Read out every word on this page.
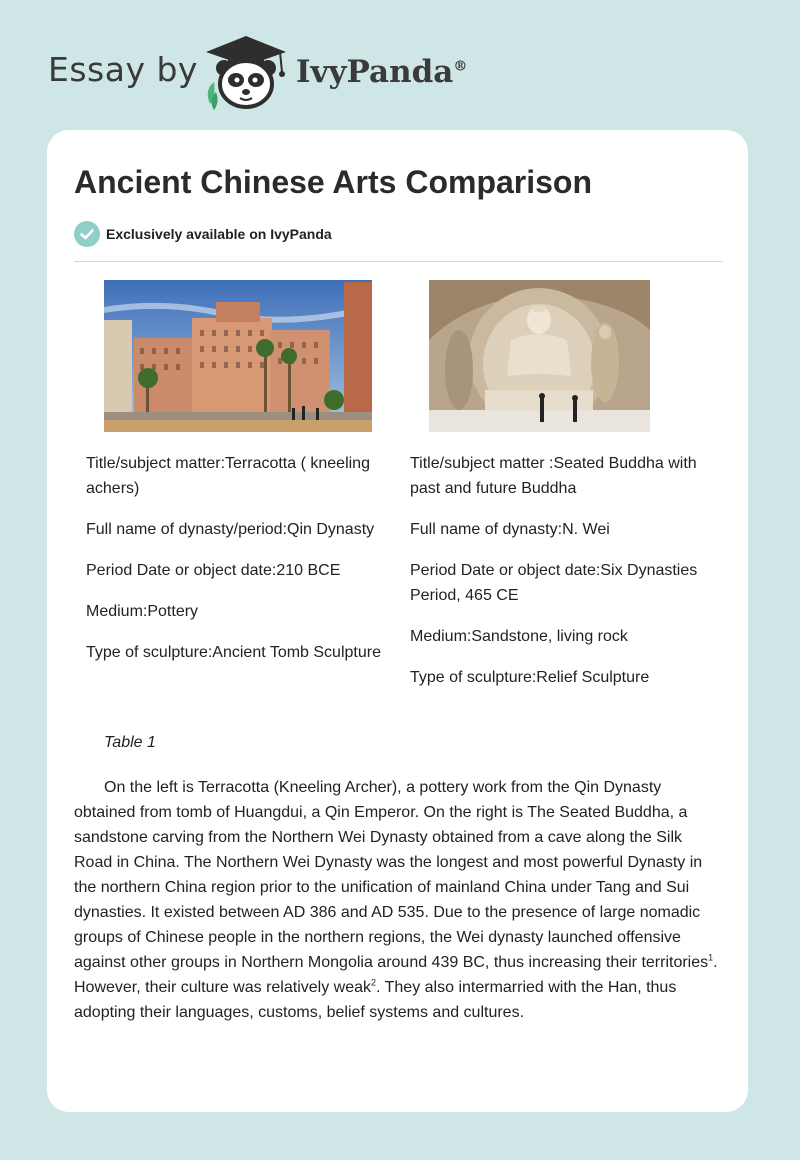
Essay by	IvyPanda®
Ancient Chinese Arts Comparison
Exclusively available on IvyPanda
Title/subject matter:Terracotta ( kneeling achers)
Full name of dynasty/period:Qin Dynasty
Period Date or object date:210 BCE
Medium:Pottery
Type of sculpture:Ancient Tomb Sculpture
Title/subject matter :Seated Buddha with past and future Buddha
Full name of dynasty:N. Wei
Period Date or object date:Six Dynasties Period, 465 CE
Medium:Sandstone, living rock
Type of sculpture:Relief Sculpture
Table 1

On the left is Terracotta (Kneeling Archer), a pottery work from the Qin Dynasty obtained from tomb of Huangdui, a Qin Emperor. On the right is The Seated Buddha, a sandstone carving from the Northern Wei Dynasty obtained from a cave along the Silk Road in China. The Northern Wei Dynasty was the longest and most powerful Dynasty in the northern China region prior to the unification of mainland China under Tang and Sui dynasties. It existed between AD 386 and AD 535. Due to the presence of large nomadic groups of Chinese people in the northern regions, the Wei dynasty launched offensive against other groups in Northern Mongolia around 439 BC, thus increasing their territories$^1$. However, their culture was relatively weak$^2$. They also intermarried with the Han, thus adopting their languages, customs, belief systems and cultures.
